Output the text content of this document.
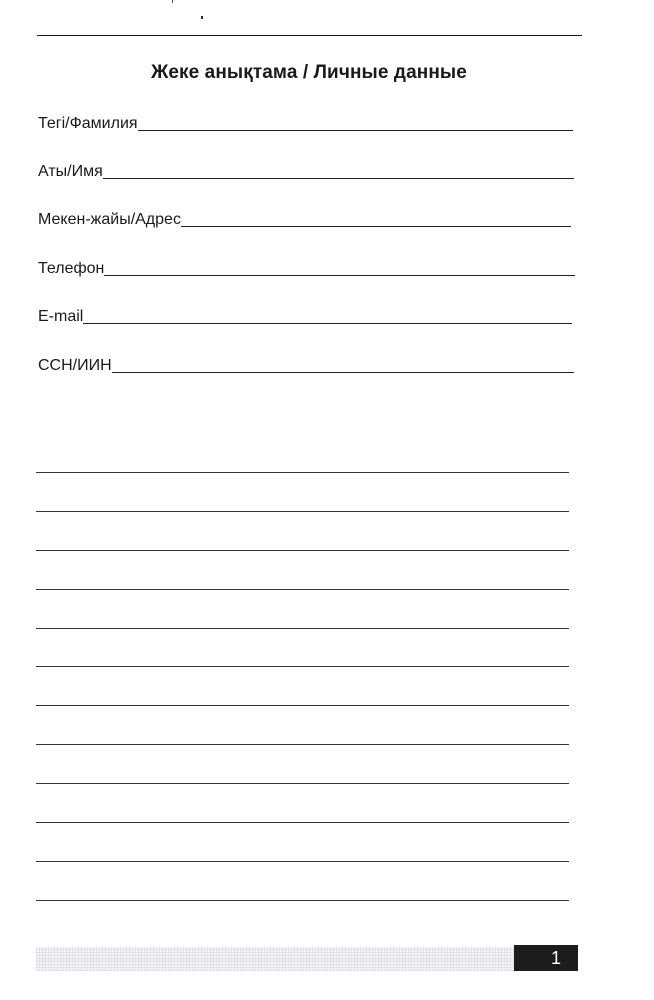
Жеке анықтама / Личные данные
Тегі/Фамилия
Аты/Имя
Мекен-жайы/Адрес
Телефон
E-mail
ССН/ИИН
1
